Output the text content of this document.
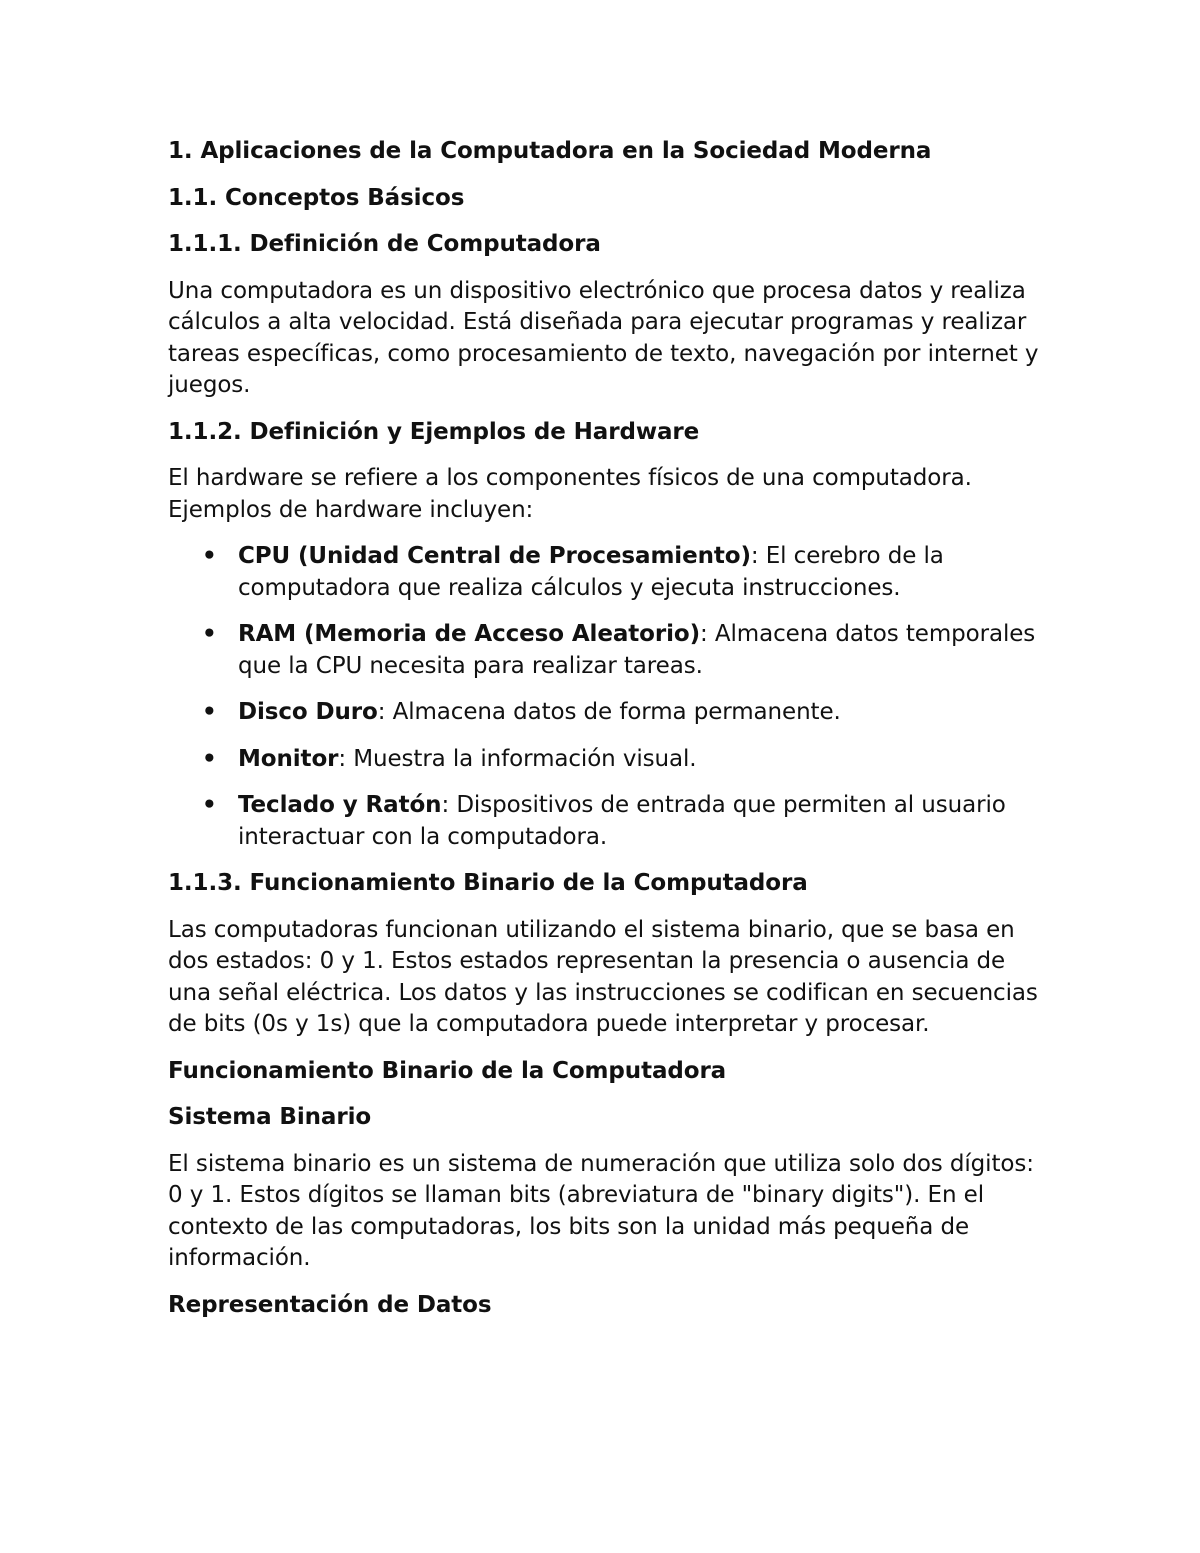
1. Aplicaciones de la Computadora en la Sociedad Moderna
1.1. Conceptos Básicos
1.1.1. Definición de Computadora

Una computadora es un dispositivo electrónico que procesa datos y realiza cálculos a alta velocidad. Está diseñada para ejecutar programas y realizar tareas específicas, como procesamiento de texto, navegación por internet y juegos.

1.1.2. Definición y Ejemplos de Hardware

El hardware se refiere a los componentes físicos de una computadora. Ejemplos de hardware incluyen:

• CPU (Unidad Central de Procesamiento): El cerebro de la computadora que realiza cálculos y ejecuta instrucciones.
• RAM (Memoria de Acceso Aleatorio): Almacena datos temporales que la CPU necesita para realizar tareas.
• Disco Duro: Almacena datos de forma permanente.
• Monitor: Muestra la información visual.
• Teclado y Ratón: Dispositivos de entrada que permiten al usuario interactuar con la computadora.
1.1.3. Funcionamiento Binario de la Computadora

Las computadoras funcionan utilizando el sistema binario, que se basa en dos estados: 0 y 1. Estos estados representan la presencia o ausencia de una señal eléctrica. Los datos y las instrucciones se codifican en secuencias de bits (0s y 1s) que la computadora puede interpretar y procesar.

Funcionamiento Binario de la Computadora
Sistema Binario

El sistema binario es un sistema de numeración que utiliza solo dos dígitos: 0 y 1. Estos dígitos se llaman bits (abreviatura de "binary digits"). En el contexto de las computadoras, los bits son la unidad más pequeña de información.

Representación de Datos
